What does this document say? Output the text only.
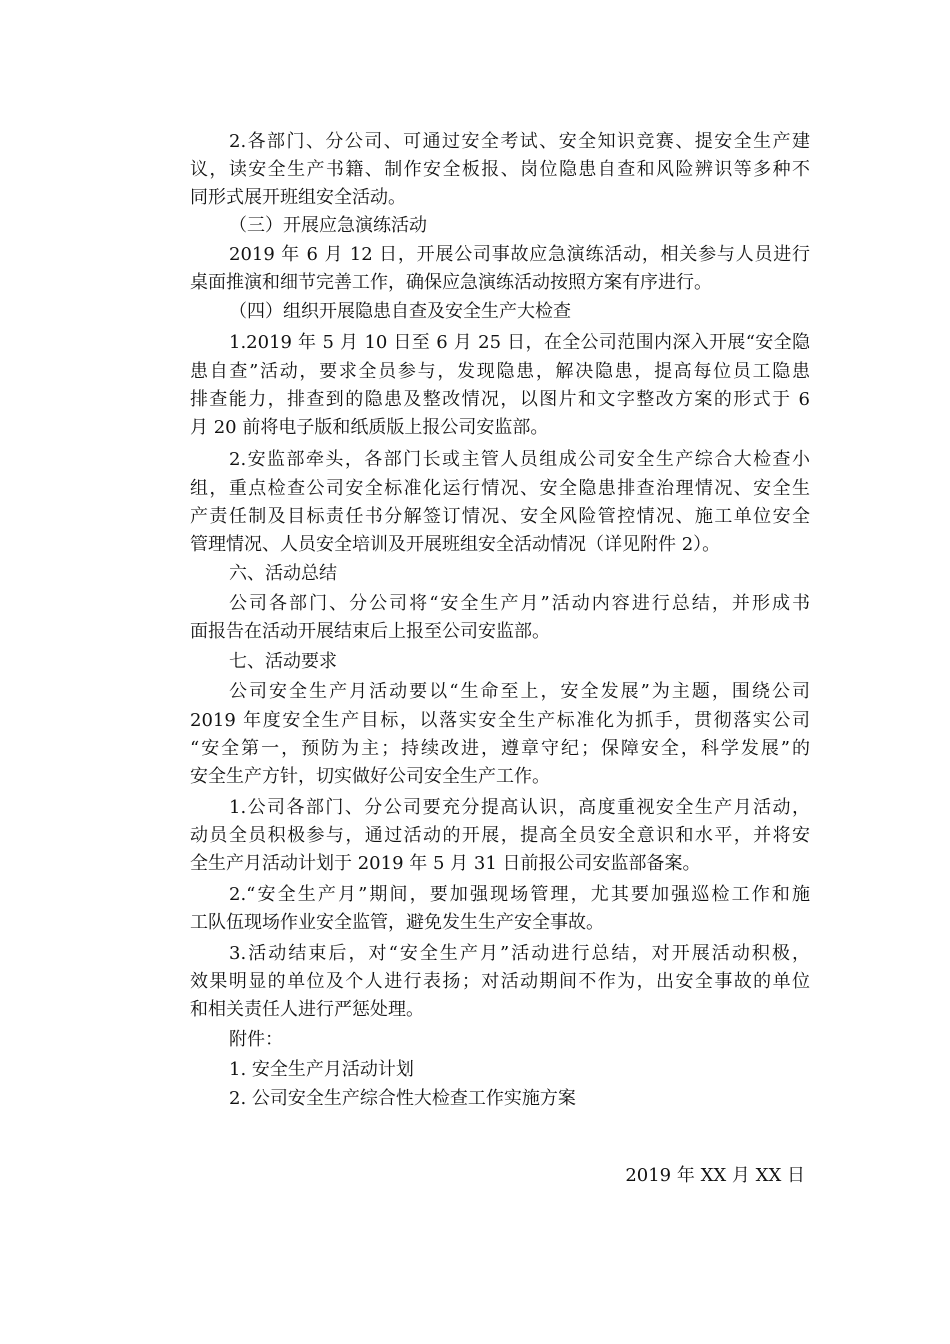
2.各部门、分公司、可通过安全考试、安全知识竞赛、提安全生产建
议，读安全生产书籍、制作安全板报、岗位隐患自查和风险辨识等多种不
同形式展开班组安全活动。
（三）开展应急演练活动
2019 年 6 月 12 日，开展公司事故应急演练活动，相关参与人员进行
桌面推演和细节完善工作，确保应急演练活动按照方案有序进行。
（四）组织开展隐患自查及安全生产大检查
1.2019 年 5 月 10 日至 6 月 25 日，在全公司范围内深入开展“安全隐
患自查”活动，要求全员参与，发现隐患，解决隐患，提高每位员工隐患
排查能力，排查到的隐患及整改情况，以图片和文字整改方案的形式于 6
月 20 前将电子版和纸质版上报公司安监部。
2.安监部牵头，各部门长或主管人员组成公司安全生产综合大检查小
组，重点检查公司安全标准化运行情况、安全隐患排查治理情况、安全生
产责任制及目标责任书分解签订情况、安全风险管控情况、施工单位安全
管理情况、人员安全培训及开展班组安全活动情况（详见附件 2）。
六、活动总结
公司各部门、分公司将“安全生产月”活动内容进行总结，并形成书
面报告在活动开展结束后上报至公司安监部。
七、活动要求
公司安全生产月活动要以“生命至上，安全发展”为主题，围绕公司
2019 年度安全生产目标，以落实安全生产标准化为抓手，贯彻落实公司
“安全第一，预防为主；持续改进，遵章守纪；保障安全，科学发展”的
安全生产方针，切实做好公司安全生产工作。
1.公司各部门、分公司要充分提高认识，高度重视安全生产月活动，
动员全员积极参与，通过活动的开展，提高全员安全意识和水平，并将安
全生产月活动计划于 2019 年 5 月 31 日前报公司安监部备案。
2.“安全生产月”期间，要加强现场管理，尤其要加强巡检工作和施
工队伍现场作业安全监管，避免发生生产安全事故。
3.活动结束后，对“安全生产月”活动进行总结，对开展活动积极，
效果明显的单位及个人进行表扬；对活动期间不作为，出安全事故的单位
和相关责任人进行严惩处理。
附件：
1. 安全生产月活动计划
2. 公司安全生产综合性大检查工作实施方案
2019 年 XX 月 XX 日
